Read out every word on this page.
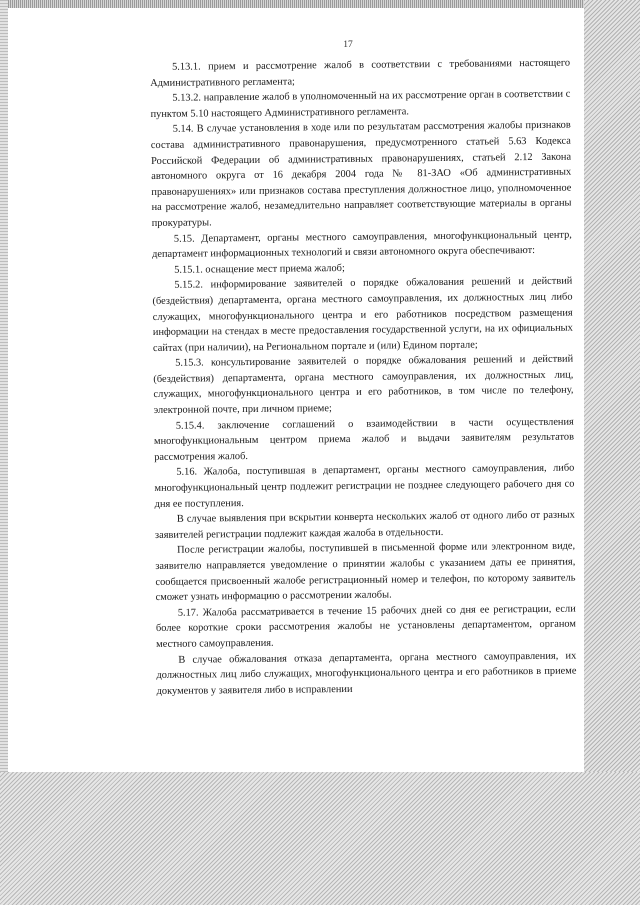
17

5.13.1. прием и рассмотрение жалоб в соответствии с требованиями настоящего Административного регламента;

5.13.2. направление жалоб в уполномоченный на их рассмотрение орган в соответствии с пунктом 5.10 настоящего Административного регламента.

5.14. В случае установления в ходе или по результатам рассмотрения жалобы признаков состава административного правонарушения, предусмотренного статьей 5.63 Кодекса Российской Федерации об административных правонарушениях, статьей 2.12 Закона автономного округа от 16 декабря 2004 года № 81-ЗАО «Об административных правонарушениях» или признаков состава преступления должностное лицо, уполномоченное на рассмотрение жалоб, незамедлительно направляет соответствующие материалы в органы прокуратуры.

5.15. Департамент, органы местного самоуправления, многофункциональный центр, департамент информационных технологий и связи автономного округа обеспечивают:

5.15.1. оснащение мест приема жалоб;

5.15.2. информирование заявителей о порядке обжалования решений и действий (бездействия) департамента, органа местного самоуправления, их должностных лиц либо служащих, многофункционального центра и его работников посредством размещения информации на стендах в месте предоставления государственной услуги, на их официальных сайтах (при наличии), на Региональном портале и (или) Едином портале;

5.15.3. консультирование заявителей о порядке обжалования решений и действий (бездействия) департамента, органа местного самоуправления, их должностных лиц, служащих, многофункционального центра и его работников, в том числе по телефону, электронной почте, при личном приеме;

5.15.4. заключение соглашений о взаимодействии в части осуществления многофункциональным центром приема жалоб и выдачи заявителям результатов рассмотрения жалоб.

5.16. Жалоба, поступившая в департамент, органы местного самоуправления, либо многофункциональный центр подлежит регистрации не позднее следующего рабочего дня со дня ее поступления.

В случае выявления при вскрытии конверта нескольких жалоб от одного либо от разных заявителей регистрации подлежит каждая жалоба в отдельности.

После регистрации жалобы, поступившей в письменной форме или электронном виде, заявителю направляется уведомление о принятии жалобы с указанием даты ее принятия, сообщается присвоенный жалобе регистрационный номер и телефон, по которому заявитель сможет узнать информацию о рассмотрении жалобы.

5.17. Жалоба рассматривается в течение 15 рабочих дней со дня ее регистрации, если более короткие сроки рассмотрения жалобы не установлены департаментом, органом местного самоуправления.

В случае обжалования отказа департамента, органа местного самоуправления, их должностных лиц либо служащих, многофункционального центра и его работников в приеме документов у заявителя либо в исправлении
